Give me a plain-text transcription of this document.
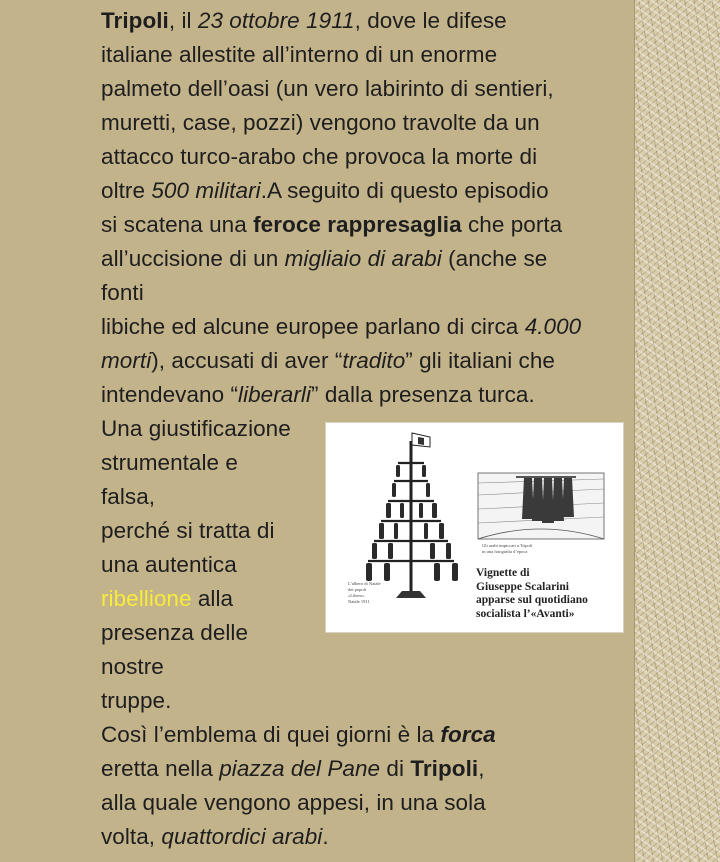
Tripoli, il 23 ottobre 1911, dove le difese
italiane allestite all’interno di un enorme
palmeto dell’oasi (un vero labirinto di sentieri,
muretti, case, pozzi) vengono travolte da un
attacco turco-arabo che provoca la morte di
oltre 500 militari.A seguito di questo episodio
si scatena una feroce rappresaglia che porta
all’uccisione di un migliaio di arabi (anche se
fonti
libiche ed alcune europee parlano di circa 4.000
morti), accusati di aver “tradito” gli italiani che
intendevano “liberarli” dalla presenza turca.
Una giustificazione
strumentale e
falsa,
perché si tratta di
una autentica
ribellione alla
presenza delle
nostre
truppe.
Così l’emblema di quei giorni è la forca
eretta nella piazza del Pane di Tripoli,
alla quale vengono appesi, in una sola
volta, quattordici arabi.
L’albero di Natale
dei popoli
«Libero»
Natale 1911
Gli arabi impiccati a Tripoli
in una fotografia d’epoca
Vignette di
Giuseppe Scalarini
apparse sul quotidiano
socialista l’«Avanti»
